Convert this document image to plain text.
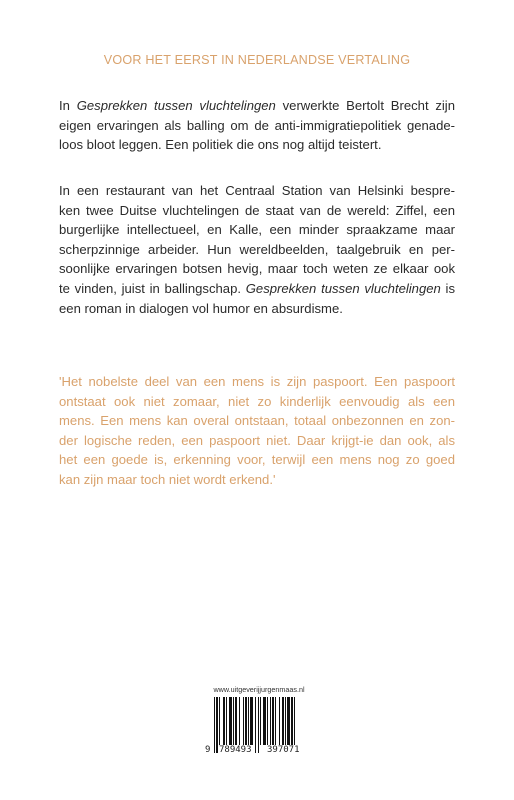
VOOR HET EERST IN NEDERLANDSE VERTALING
In Gesprekken tussen vluchtelingen verwerkte Bertolt Brecht zijn
eigen ervaringen als balling om de anti-immigratiepolitiek genade-
loos bloot leggen. Een politiek die ons nog altijd teistert.
In een restaurant van het Centraal Station van Helsinki bespre-
ken twee Duitse vluchtelingen de staat van de wereld: Ziffel, een
burgerlijke intellectueel, en Kalle, een minder spraakzame maar
scherpzinnige arbeider. Hun wereldbeelden, taalgebruik en per-
soonlijke ervaringen botsen hevig, maar toch weten ze elkaar ook
te vinden, juist in ballingschap. Gesprekken tussen vluchtelingen is
een roman in dialogen vol humor en absurdisme.
'Het nobelste deel van een mens is zijn paspoort. Een paspoort
ontstaat ook niet zomaar, niet zo kinderlijk eenvoudig als een
mens. Een mens kan overal ontstaan, totaal onbezonnen en zon-
der logische reden, een paspoort niet. Daar krijgt-ie dan ook, als
het een goede is, erkenning voor, terwijl een mens nog zo goed
kan zijn maar toch niet wordt erkend.'
www.uitgeverijjurgenmaas.nl
9 789493 397071
